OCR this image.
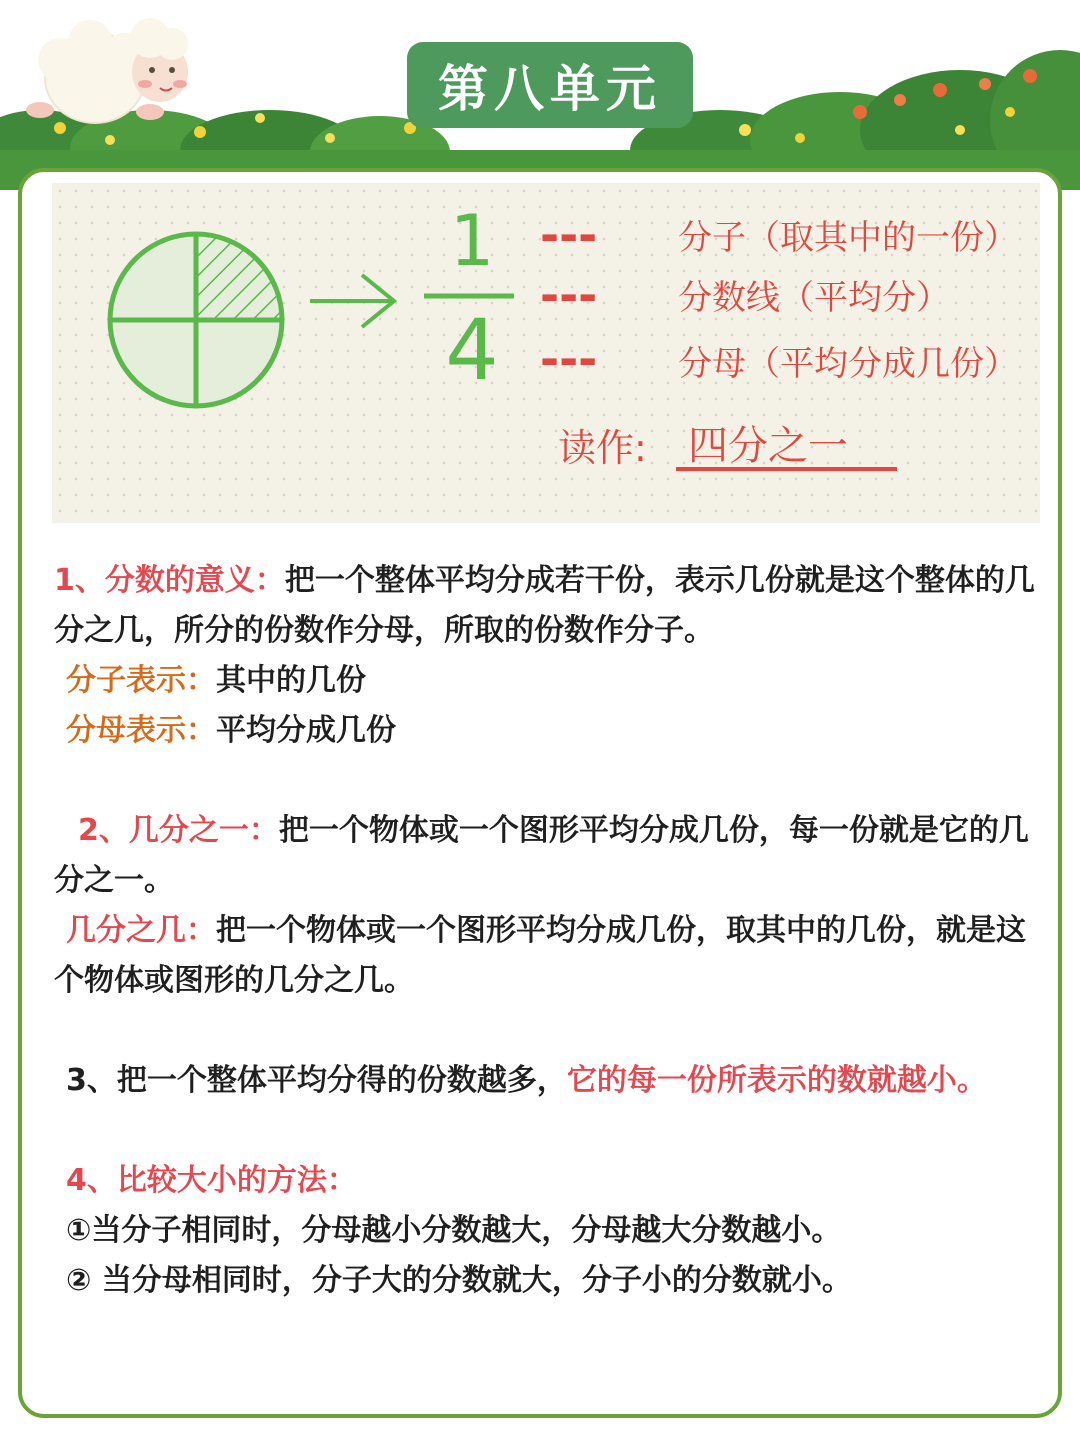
第八单元
1
4
--- 分子（取其中的一份）
--- 分数线（平均分）
--- 分母（平均分成几份）
读作: 四分之一
1、分数的意义：把一个整体平均分成若干份，表示几份就是这个整体的几分之几，所分的份数作分母，所取的份数作分子。
分子表示：其中的几份
分母表示：平均分成几份
2、几分之一：把一个物体或一个图形平均分成几份，每一份就是它的几分之一。
几分之几：把一个物体或一个图形平均分成几份，取其中的几份，就是这个物体或图形的几分之几。
3、把一个整体平均分得的份数越多，它的每一份所表示的数就越小。
4、比较大小的方法：
①当分子相同时，分母越小分数越大，分母越大分数越小。
② 当分母相同时，分子大的分数就大，分子小的分数就小。
